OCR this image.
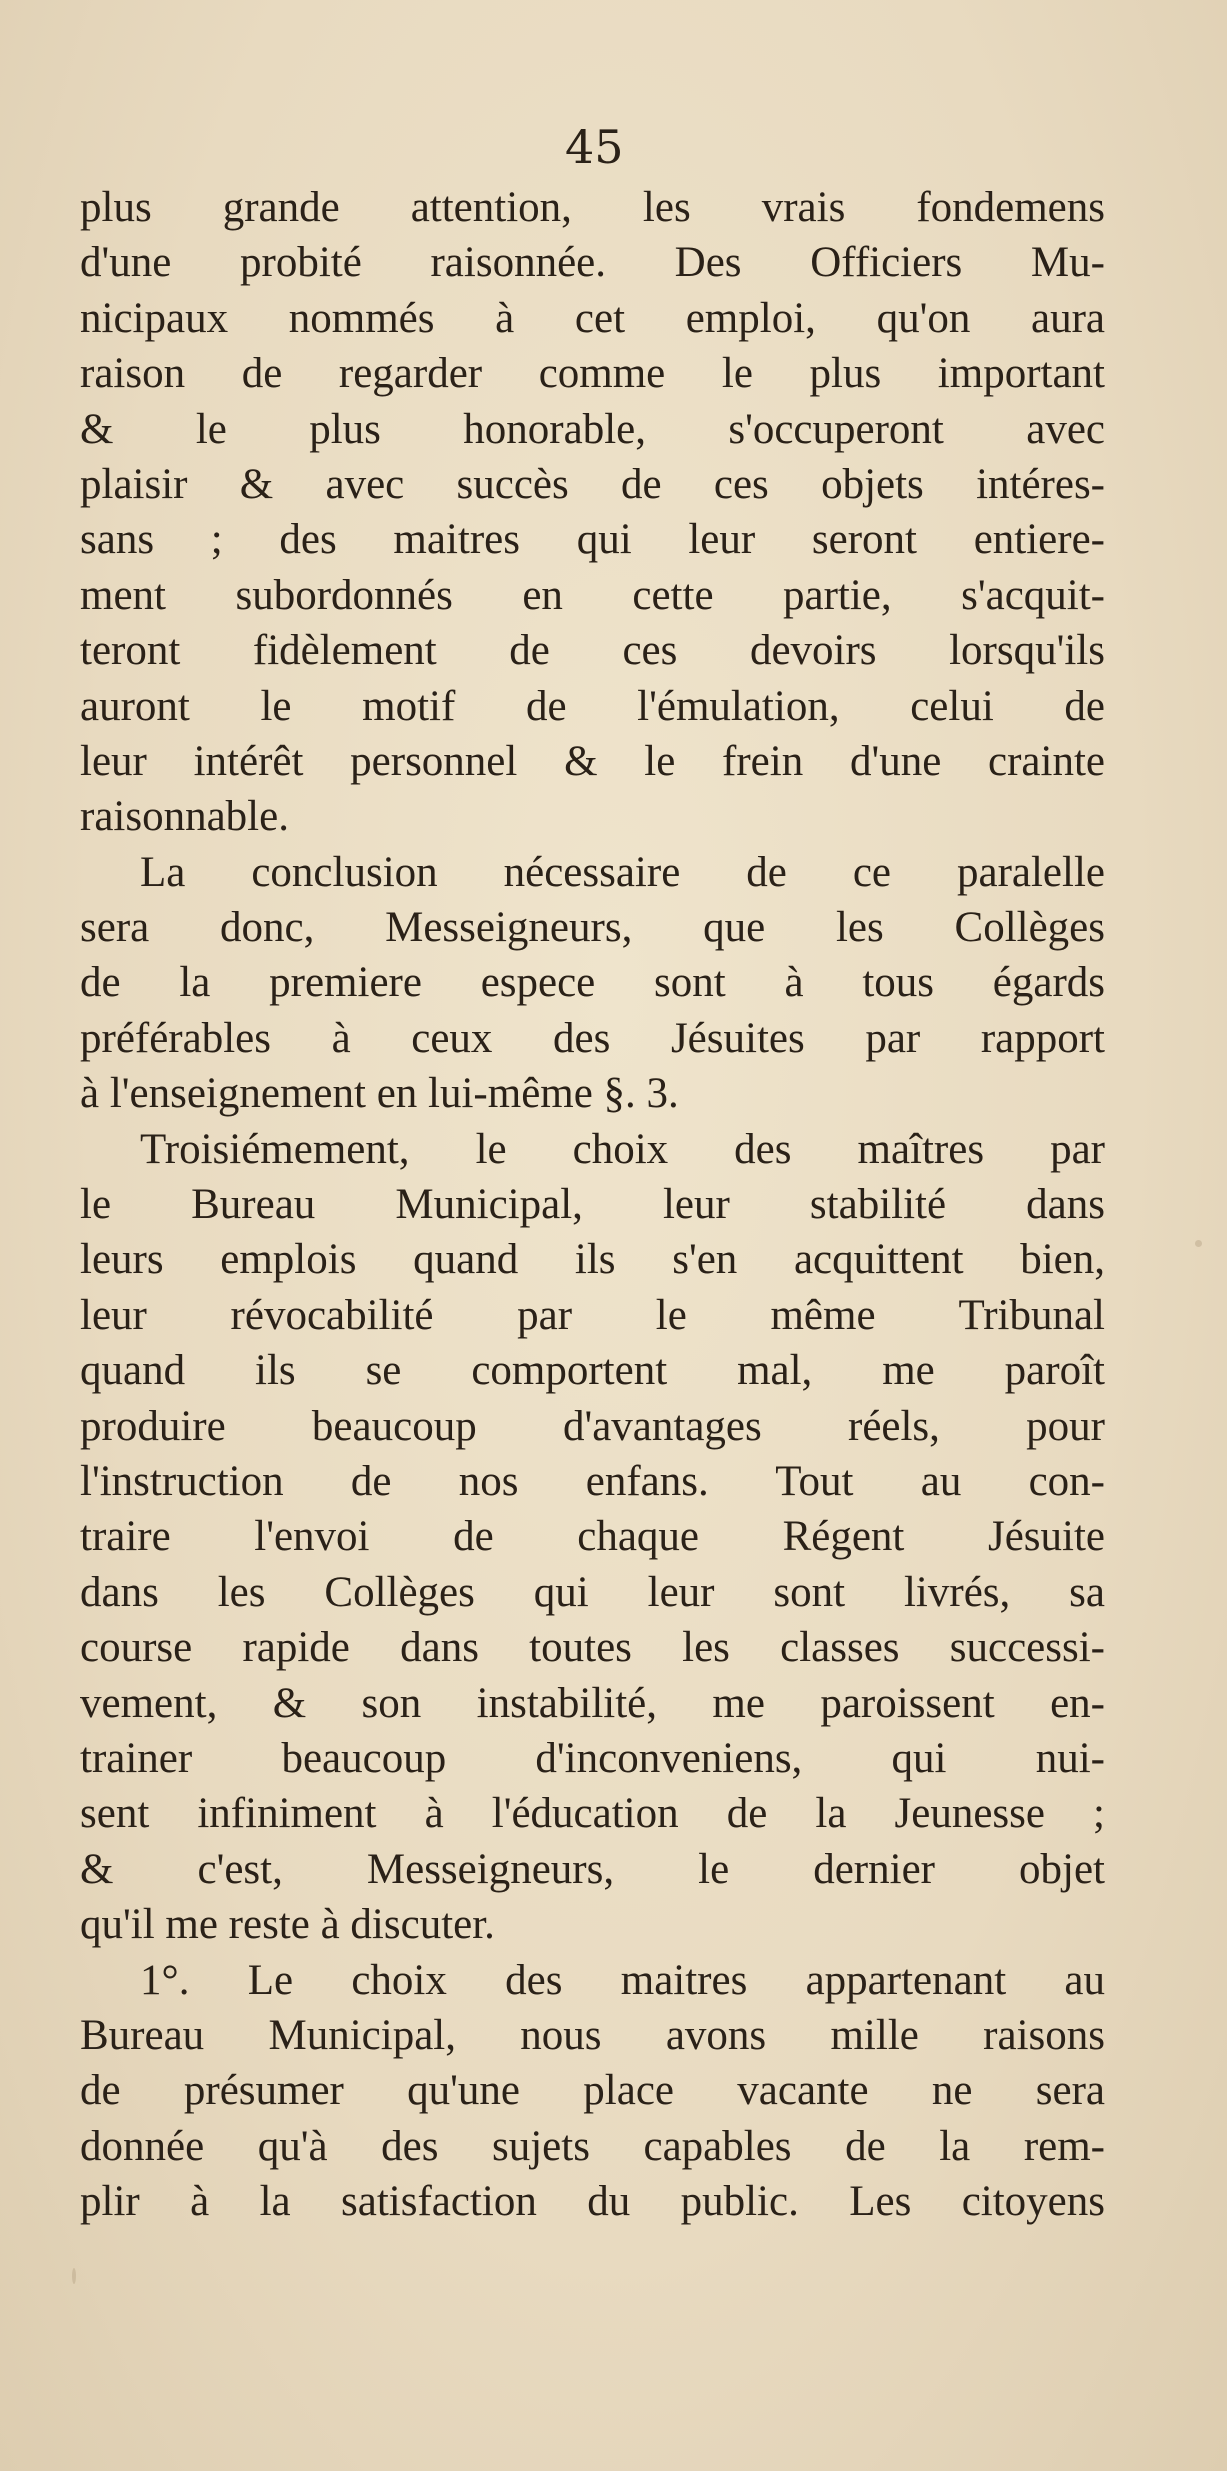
45
plus grande attention, les vrais fondemens
d'une probité raisonnée. Des Officiers Mu-
nicipaux nommés à cet emploi, qu'on aura
raison de regarder comme le plus important
& le plus honorable, s'occuperont avec
plaisir & avec succès de ces objets intéres-
sans ; des maitres qui leur seront entiere-
ment subordonnés en cette partie, s'acquit-
teront fidèlement de ces devoirs lorsqu'ils
auront le motif de l'émulation, celui de
leur intérêt personnel & le frein d'une crainte
raisonnable.
La conclusion nécessaire de ce paralelle
sera donc, Messeigneurs, que les Collèges
de la premiere espece sont à tous égards
préférables à ceux des Jésuites par rapport
à l'enseignement en lui-même §. 3.
Troisiémement, le choix des maîtres par
le Bureau Municipal, leur stabilité dans
leurs emplois quand ils s'en acquittent bien,
leur révocabilité par le même Tribunal
quand ils se comportent mal, me paroît
produire beaucoup d'avantages réels, pour
l'instruction de nos enfans. Tout au con-
traire l'envoi de chaque Régent Jésuite
dans les Collèges qui leur sont livrés, sa
course rapide dans toutes les classes successi-
vement, & son instabilité, me paroissent en-
trainer beaucoup d'inconveniens, qui nui-
sent infiniment à l'éducation de la Jeunesse ;
& c'est, Messeigneurs, le dernier objet
qu'il me reste à discuter.
1°. Le choix des maitres appartenant au
Bureau Municipal, nous avons mille raisons
de présumer qu'une place vacante ne sera
donnée qu'à des sujets capables de la rem-
plir à la satisfaction du public. Les citoyens
